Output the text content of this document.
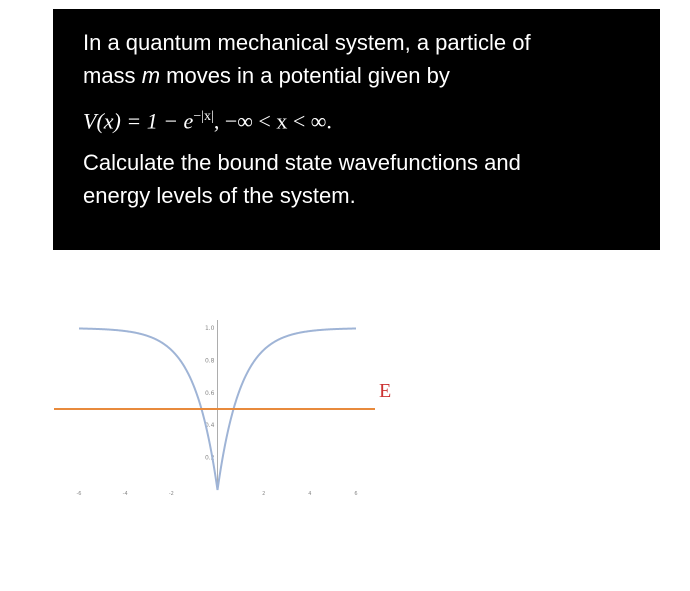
In a quantum mechanical system, a particle of

mass m moves in a potential given by

$V(x) = 1 - e^{-|x|}$, −∞ < x < ∞.

Calculate the bound state wavefunctions and

energy levels of the system.

1.0
0.8
0.6
0.4
0.2
-6	-4	-2	2	4	6
E
